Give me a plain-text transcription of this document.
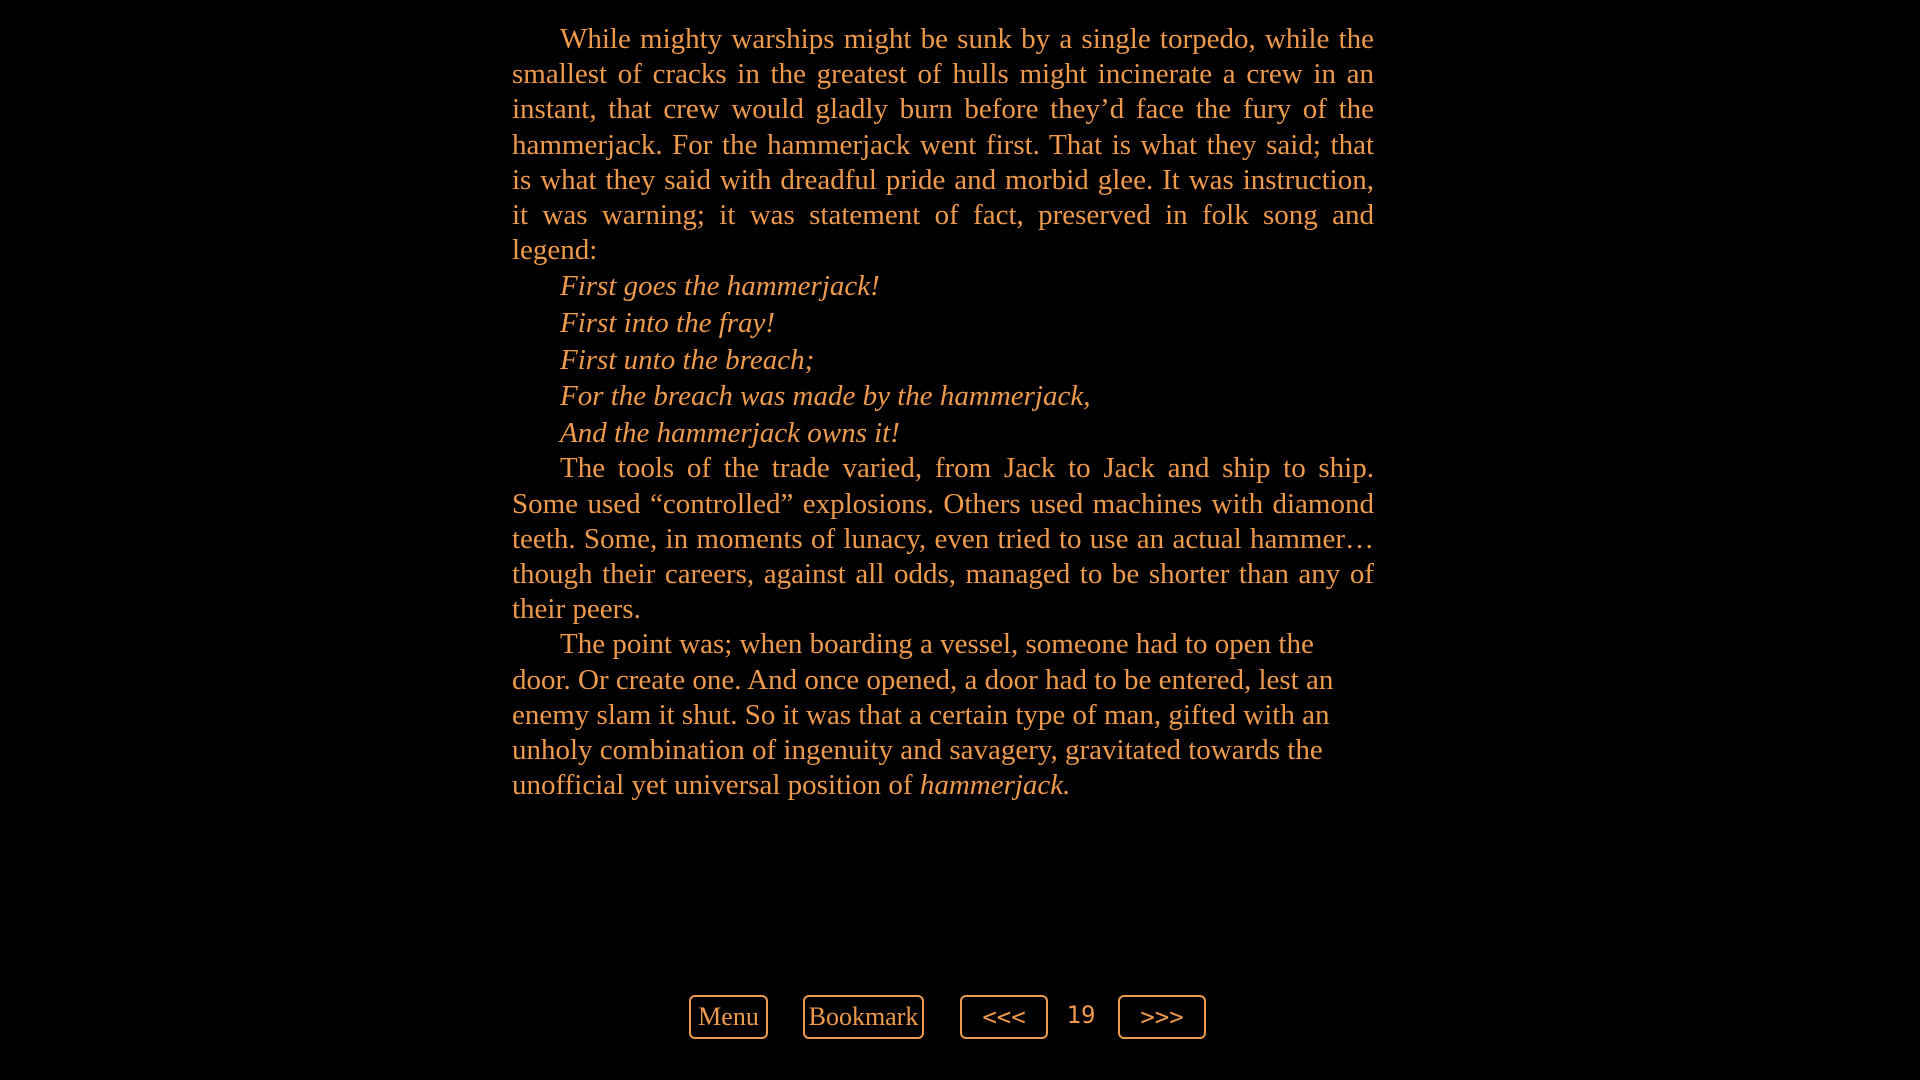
While mighty warships might be sunk by a single torpedo, while the smallest of cracks in the greatest of hulls might incinerate a crew in an instant, that crew would gladly burn before they’d face the fury of the hammerjack. For the hammerjack went first. That is what they said; that is what they said with dreadful pride and morbid glee. It was instruction, it was warning; it was statement of fact, preserved in folk song and legend:

First goes the hammerjack!

First into the fray!

First unto the breach;

For the breach was made by the hammerjack,

And the hammerjack owns it!

The tools of the trade varied, from Jack to Jack and ship to ship. Some used “controlled” explosions. Others used machines with diamond teeth. Some, in moments of lunacy, even tried to use an actual hammer… though their careers, against all odds, managed to be shorter than any of their peers.

The point was; when boarding a vessel, someone had to open the door. Or create one. And once opened, a door had to be entered, lest an enemy slam it shut. So it was that a certain type of man, gifted with an unholy combination of ingenuity and savagery, gravitated towards the unofficial yet universal position of hammerjack.

Menu	Bookmark	<<<	19	>>>
